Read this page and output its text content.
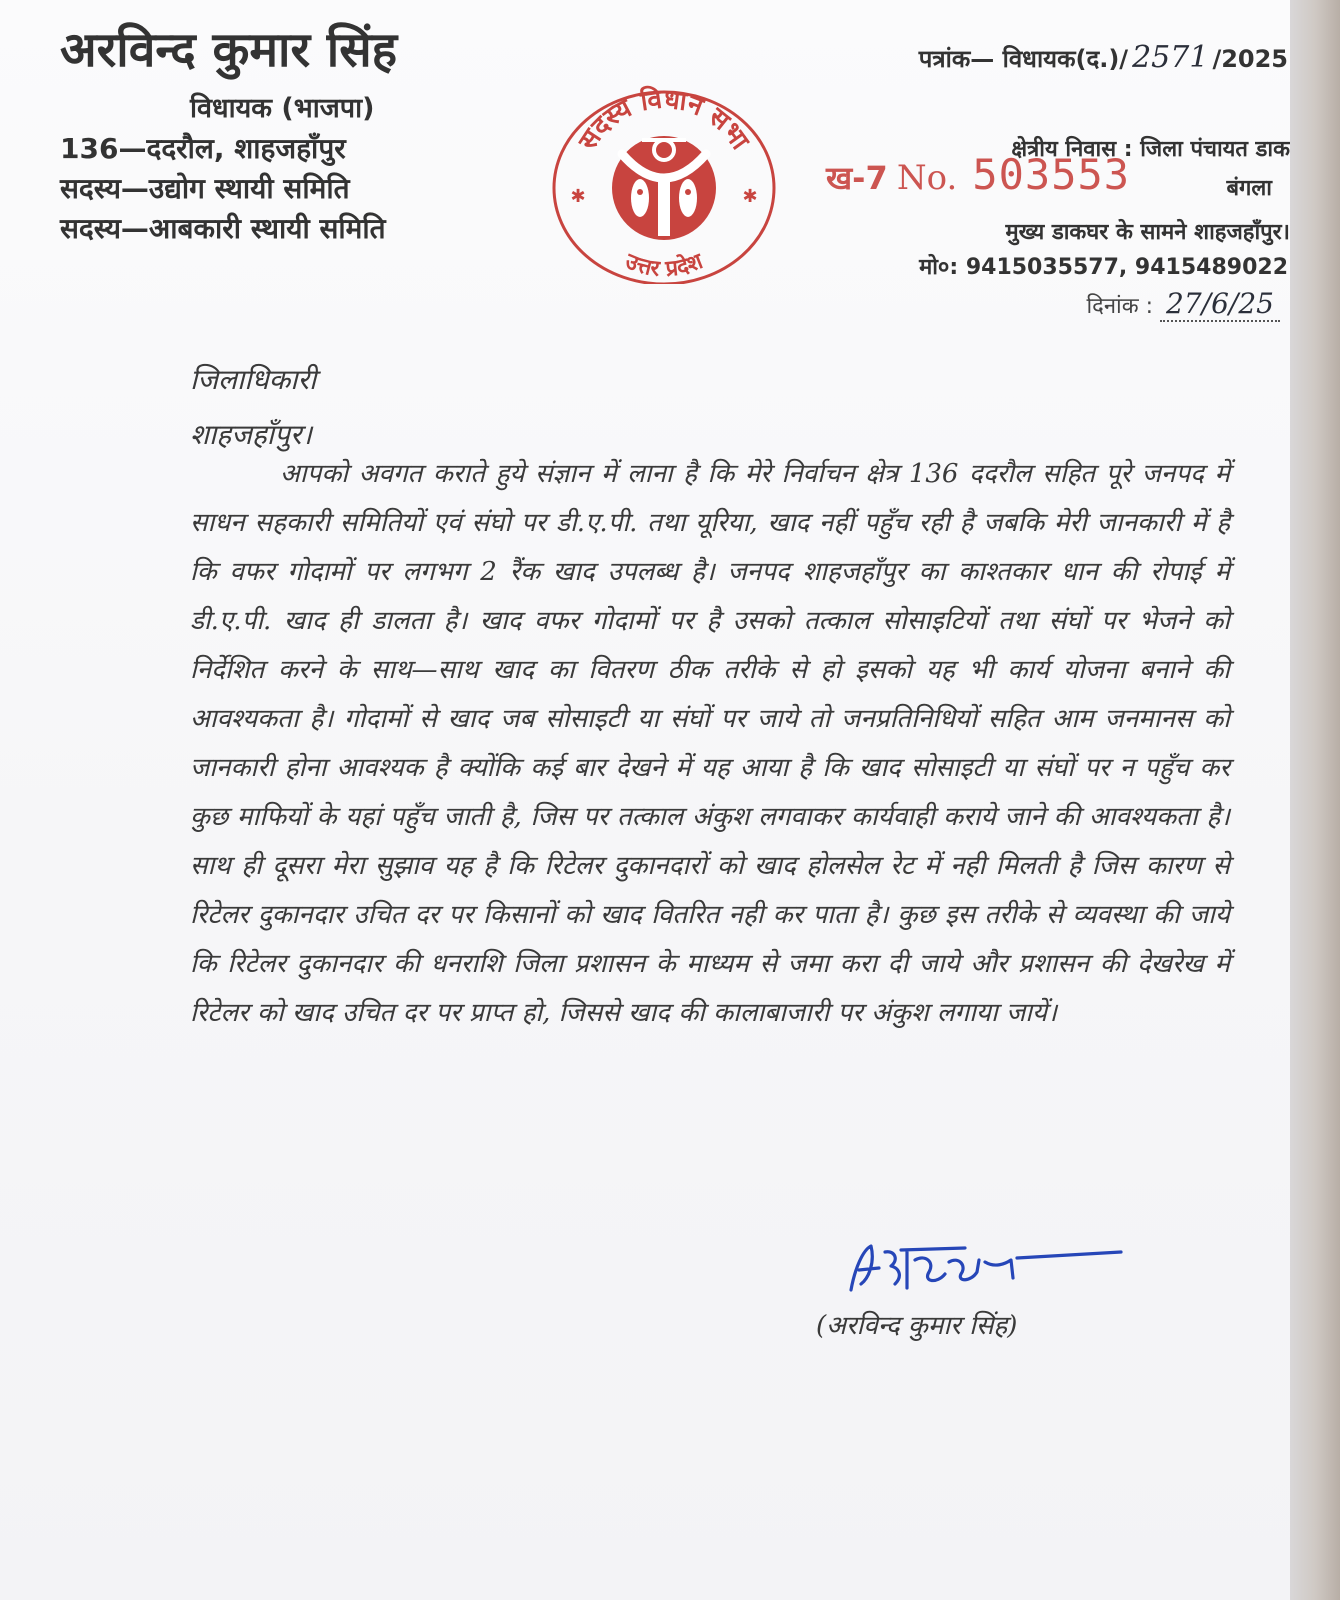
अरविन्द कुमार सिंह
विधायक (भाजपा)
136—ददरौल, शाहजहाँपुर
सदस्य—उद्योग स्थायी समिति
सदस्य—आबकारी स्थायी समिति
सदस्य विधान सभा
उत्तर प्रदेश
✱	✱
पत्रांक— विधायक(द.)/ 2571 /2025
क्षेत्रीय निवास : जिला पंचायत डाक
बंगला
मुख्य डाकघर के सामने शाहजहाँपुर।
मो०: 9415035577, 9415489022
दिनांक : 27/6/25
ख-7 No. 503553
जिलाधिकारी
शाहजहाँपुर।

आपको अवगत कराते हुये संज्ञान में लाना है कि मेरे निर्वाचन क्षेत्र 136 ददरौल सहित पूरे जनपद में साधन सहकारी समितियों एवं संघो पर डी.ए.पी. तथा यूरिया, खाद नहीं पहुँच रही है जबकि मेरी जानकारी में है कि वफर गोदामों पर लगभग 2 रैंक खाद उपलब्ध है। जनपद शाहजहाँपुर का काश्तकार धान की रोपाई में डी.ए.पी. खाद ही डालता है। खाद वफर गोदामों पर है उसको तत्काल सोसाइटियों तथा संघों पर भेजने को निर्देशित करने के साथ—साथ खाद का वितरण ठीक तरीके से हो इसको यह भी कार्य योजना बनाने की आवश्यकता है। गोदामों से खाद जब सोसाइटी या संघों पर जाये तो जनप्रतिनिधियों सहित आम जनमानस को जानकारी होना आवश्यक है क्योंकि कई बार देखने में यह आया है कि खाद सोसाइटी या संघों पर न पहुँच कर कुछ माफियों के यहां पहुँच जाती है, जिस पर तत्काल अंकुश लगवाकर कार्यवाही कराये जाने की आवश्यकता है। साथ ही दूसरा मेरा सुझाव यह है कि रिटेलर दुकानदारों को खाद होलसेल रेट में नही मिलती है जिस कारण से रिटेलर दुकानदार उचित दर पर किसानों को खाद वितरित नही कर पाता है। कुछ इस तरीके से व्यवस्था की जाये कि रिटेलर दुकानदार की धनराशि जिला प्रशासन के माध्यम से जमा करा दी जाये और प्रशासन की देखरेख में रिटेलर को खाद उचित दर पर प्राप्त हो, जिससे खाद की कालाबाजारी पर अंकुश लगाया जायें।

(अरविन्द कुमार सिंह)
